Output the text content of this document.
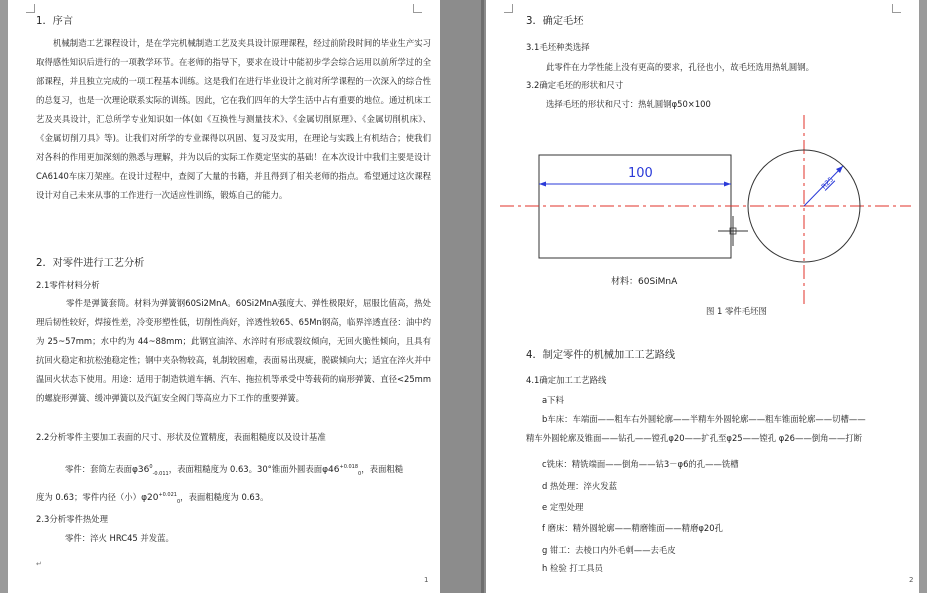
1．序言
机械制造工艺课程设计，是在学完机械制造工艺及夹具设计原理课程，经过前阶段时间的毕业生产实习取得感性知识后进行的一项教学环节。在老师的指导下，要求在设计中能初步学会综合运用以前所学过的全部课程，并且独立完成的一项工程基本训练。这是我们在进行毕业设计之前对所学课程的一次深入的综合性的总复习，也是一次理论联系实际的训练。因此，它在我们四年的大学生活中占有重要的地位。通过机床工艺及夹具设计，汇总所学专业知识如一体(如《互换性与测量技术》、《金属切削原理》、《金属切削机床》、《金属切削刀具》等)。让我们对所学的专业课得以巩固、复习及实用，在理论与实践上有机结合；使我们对各科的作用更加深刻的熟悉与理解，并为以后的实际工作奠定坚实的基础！在本次设计中我们主要是设计CA6140车床刀架座。在设计过程中，查阅了大量的书籍，并且得到了相关老师的指点。希望通过这次课程设计对自己未来从事的工作进行一次适应性训练，锻炼自己的能力。
2．对零件进行工艺分析
2.1零件材料分析
零件是弹簧套筒。材料为弹簧钢60Si2MnA。60Si2MnA强度大、弹性极限好，屈服比值高，热处理后韧性较好，焊接性差，冷变形塑性低，切削性尚好，淬透性较65、65Mn钢高，临界淬透直径：油中约为 25~57mm；水中约为 44~88mm；此钢宜油淬、水淬时有形成裂纹倾向，无回火脆性倾向，且具有抗回火稳定和抗松弛稳定性；钢中夹杂物较高，轧制较困难，表面易出现疵，脱碳倾向大；适宜在淬火并中温回火状态下使用。用途：适用于制造铁道车辆、汽车、拖拉机等承受中等载荷的扁形弹簧、直径<25mm的螺旋形弹簧、缓冲弹簧以及汽缸安全阀门等高应力下工作的重要弹簧。
2.2分析零件主要加工表面的尺寸、形状及位置精度，表面粗糙度以及设计基准
零件：套筒左表面$\varphi 36^0_{-0.011}$，表面粗糙度为 0.63。30°锥面外圆表面$\varphi 46^{+0.018}_0$，表面粗糙
度为 0.63；零件内径（小）$\varphi 20^{+0.021}_0$，表面粗糙度为 0.63。
2.3分析零件热处理
零件：淬火 HRC45 并发蓝。
↵
1
3．确定毛坯
3.1毛坯种类选择
此零件在力学性能上没有更高的要求，孔径也小，故毛坯选用热轧圆钢。
3.2确定毛坯的形状和尺寸
选择毛坯的形状和尺寸：热轧圆钢φ50×100
100
R25
材料：60SiMnA
图 1 零件毛坯图
4．制定零件的机械加工工艺路线
4.1确定加工工艺路线
a下料
b车床：车端面——粗车右外圆轮廓——半精车外圆轮廓——粗车锥面轮廓——切槽——
精车外圆轮廓及锥面——钻孔——镗孔φ20——扩孔至φ25——镗孔 φ26——倒角——打断
c铣床：精铣端面——倒角——钻3－φ6的孔——铣槽
d 热处理：淬火发蓝
e 定型处理
f 磨床：精外圆轮廓——精磨锥面——精磨φ20孔
g 钳工：去棱口内外毛刺——去毛皮
h 检验 打工具员
2
